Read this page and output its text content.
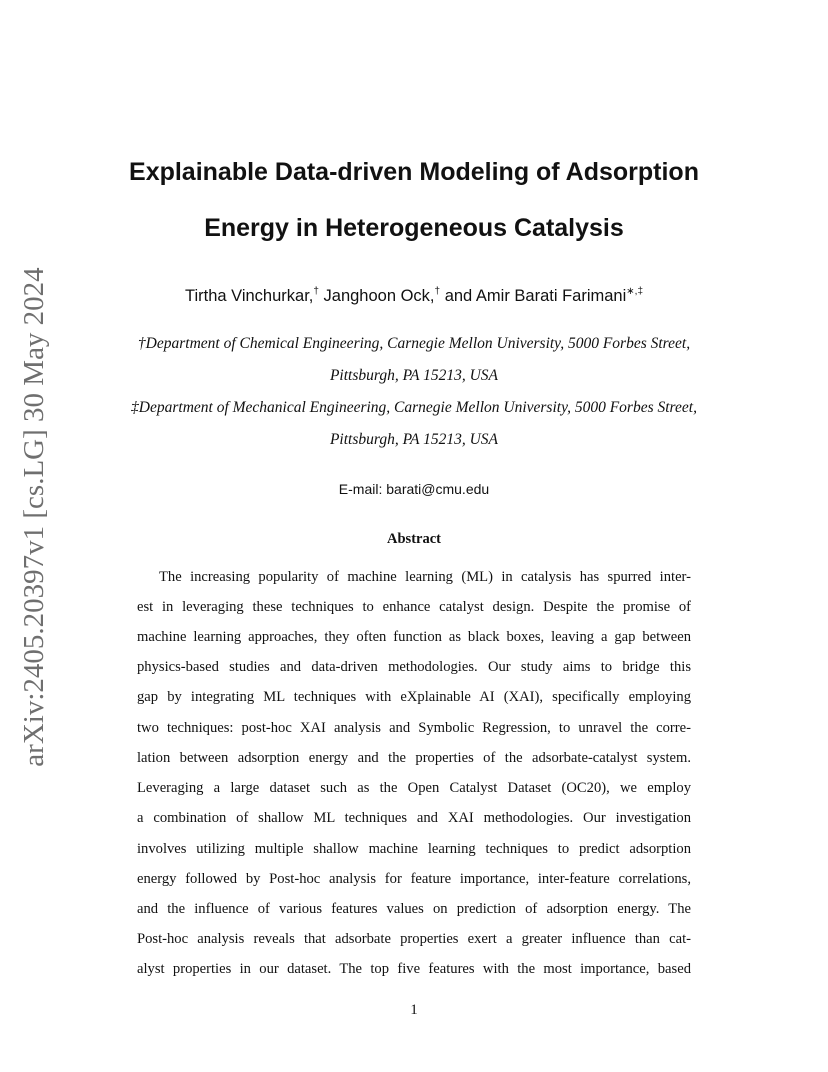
arXiv:2405.20397v1 [cs.LG] 30 May 2024
Explainable Data-driven Modeling of Adsorption
Energy in Heterogeneous Catalysis
Tirtha Vinchurkar,† Janghoon Ock,† and Amir Barati Farimani∗,‡
†Department of Chemical Engineering, Carnegie Mellon University, 5000 Forbes Street,
Pittsburgh, PA 15213, USA
‡Department of Mechanical Engineering, Carnegie Mellon University, 5000 Forbes Street,
Pittsburgh, PA 15213, USA
E-mail: barati@cmu.edu
Abstract
The increasing popularity of machine learning (ML) in catalysis has spurred inter-
est in leveraging these techniques to enhance catalyst design. Despite the promise of
machine learning approaches, they often function as black boxes, leaving a gap between
physics-based studies and data-driven methodologies. Our study aims to bridge this
gap by integrating ML techniques with eXplainable AI (XAI), specifically employing
two techniques: post-hoc XAI analysis and Symbolic Regression, to unravel the corre-
lation between adsorption energy and the properties of the adsorbate-catalyst system.
Leveraging a large dataset such as the Open Catalyst Dataset (OC20), we employ
a combination of shallow ML techniques and XAI methodologies. Our investigation
involves utilizing multiple shallow machine learning techniques to predict adsorption
energy followed by Post-hoc analysis for feature importance, inter-feature correlations,
and the influence of various features values on prediction of adsorption energy. The
Post-hoc analysis reveals that adsorbate properties exert a greater influence than cat-
alyst properties in our dataset. The top five features with the most importance, based
1
